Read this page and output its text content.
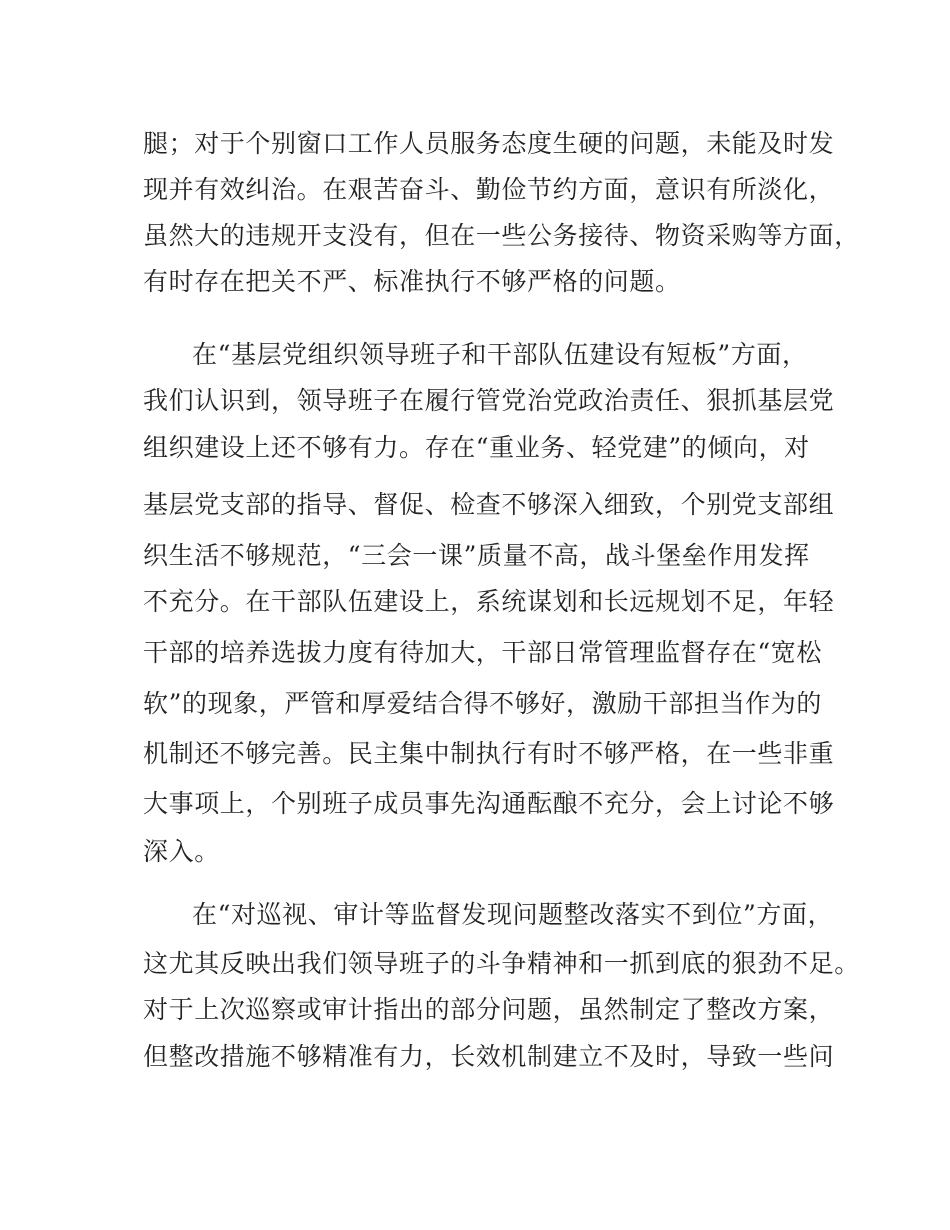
腿；对于个别窗口工作人员服务态度生硬的问题，未能及时发
现并有效纠治。在艰苦奋斗、勤俭节约方面，意识有所淡化，
虽然大的违规开支没有，但在一些公务接待、物资采购等方面，
有时存在把关不严、标准执行不够严格的问题。
在“基层党组织领导班子和干部队伍建设有短板”方面，
我们认识到，领导班子在履行管党治党政治责任、狠抓基层党
组织建设上还不够有力。存在“重业务、轻党建”的倾向，对
基层党支部的指导、督促、检查不够深入细致，个别党支部组
织生活不够规范，“三会一课”质量不高，战斗堡垒作用发挥
不充分。在干部队伍建设上，系统谋划和长远规划不足，年轻
干部的培养选拔力度有待加大，干部日常管理监督存在“宽松
软”的现象，严管和厚爱结合得不够好，激励干部担当作为的
机制还不够完善。民主集中制执行有时不够严格，在一些非重
大事项上，个别班子成员事先沟通酝酿不充分，会上讨论不够
深入。
在“对巡视、审计等监督发现问题整改落实不到位”方面，
这尤其反映出我们领导班子的斗争精神和一抓到底的狠劲不足。
对于上次巡察或审计指出的部分问题，虽然制定了整改方案，
但整改措施不够精准有力，长效机制建立不及时，导致一些问
